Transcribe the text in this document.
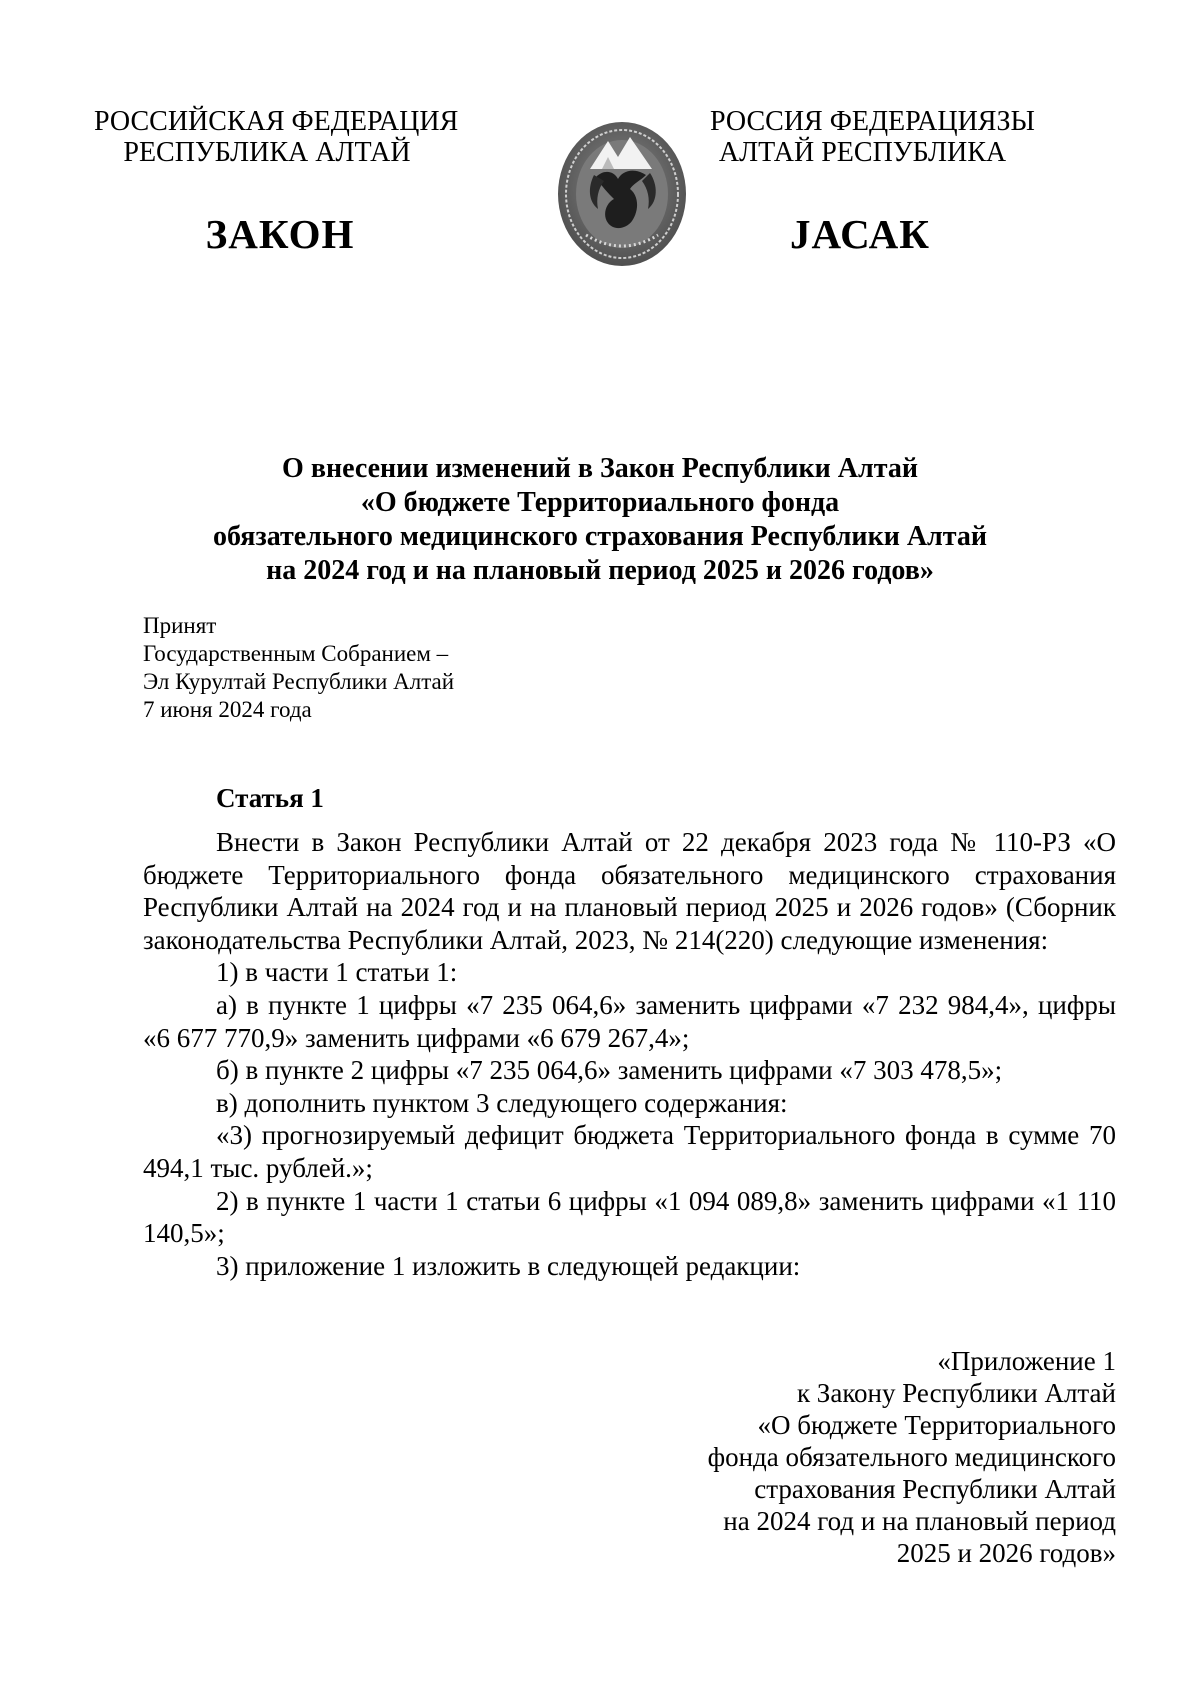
РОССИЙСКАЯ ФЕДЕРАЦИЯ
РЕСПУБЛИКА АЛТАЙ
РОССИЯ ФЕДЕРАЦИЯЗЫ
АЛТАЙ РЕСПУБЛИКА
ЗАКОН	ЈАСАК
О внесении изменений в Закон Республики Алтай
«О бюджете Территориального фонда
обязательного медицинского страхования Республики Алтай
на 2024 год и на плановый период 2025 и 2026 годов»
Принят
Государственным Собранием –
Эл Курултай Республики Алтай
7 июня 2024 года
Статья 1

Внести в Закон Республики Алтай от 22 декабря 2023 года № 110-РЗ «О бюджете Территориального фонда обязательного медицинского страхования Республики Алтай на 2024 год и на плановый период 2025 и 2026 годов» (Сборник законодательства Республики Алтай, 2023, № 214(220) следующие изменения:

1) в части 1 статьи 1:

а) в пункте 1 цифры «7 235 064,6» заменить цифрами «7 232 984,4», цифры «6 677 770,9» заменить цифрами «6 679 267,4»;

б) в пункте 2 цифры «7 235 064,6» заменить цифрами «7 303 478,5»;

в) дополнить пунктом 3 следующего содержания:

«3) прогнозируемый дефицит бюджета Территориального фонда в сумме 70 494,1 тыс. рублей.»;

2) в пункте 1 части 1 статьи 6 цифры «1 094 089,8» заменить цифрами «1 110 140,5»;

3) приложение 1 изложить в следующей редакции:

«Приложение 1
к Закону Республики Алтай
«О бюджете Территориального
фонда обязательного медицинского
страхования Республики Алтай
на 2024 год и на плановый период
2025 и 2026 годов»
